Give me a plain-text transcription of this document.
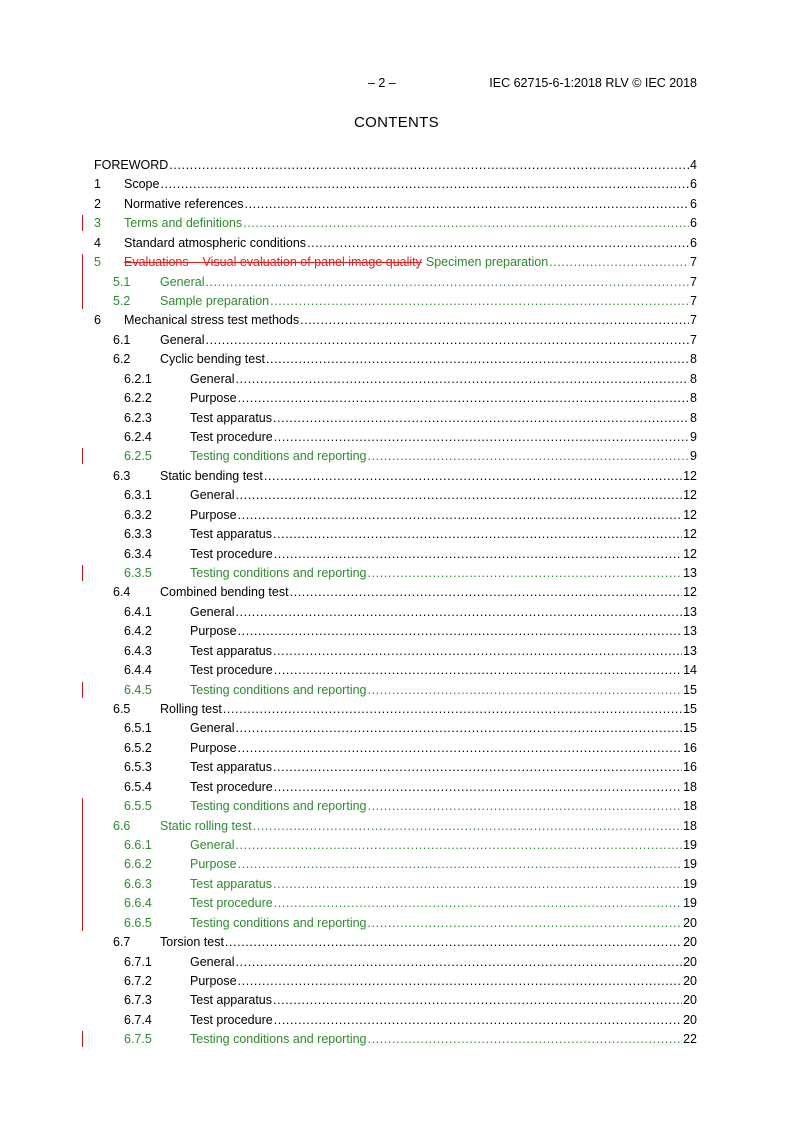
– 2 –	IEC 62715-6-1:2018 RLV © IEC 2018
CONTENTS
FOREWORD .....	4
1 Scope .....	6
2 Normative references .....	6
3 Terms and definitions .....	6
4 Standard atmospheric conditions .....	6
5 Evaluations – Visual evaluation of panel image quality Specimen preparation .....	7
5.1 General .....	7
5.2 Sample preparation .....	7
6 Mechanical stress test methods .....	7
6.1 General .....	7
6.2 Cyclic bending test .....	8
6.2.1	General .....	8
6.2.2	Purpose .....	8
6.2.3	Test apparatus .....	8
6.2.4	Test procedure .....	9
6.2.5	Testing conditions and reporting .....	9
6.3 Static bending test .....	12
6.3.1	General .....	12
6.3.2	Purpose .....	12
6.3.3	Test apparatus .....	12
6.3.4	Test procedure .....	12
6.3.5	Testing conditions and reporting .....	13
6.4 Combined bending test .....	12
6.4.1	General .....	13
6.4.2	Purpose .....	13
6.4.3	Test apparatus .....	13
6.4.4	Test procedure .....	14
6.4.5	Testing conditions and reporting .....	15
6.5 Rolling test .....	15
6.5.1	General .....	15
6.5.2	Purpose .....	16
6.5.3	Test apparatus .....	16
6.5.4	Test procedure .....	18
6.5.5	Testing conditions and reporting .....	18
6.6 Static rolling test .....	18
6.6.1	General .....	19
6.6.2	Purpose .....	19
6.6.3	Test apparatus .....	19
6.6.4	Test procedure .....	19
6.6.5	Testing conditions and reporting .....	20
6.7 Torsion test .....	20
6.7.1	General .....	20
6.7.2	Purpose .....	20
6.7.3	Test apparatus .....	20
6.7.4	Test procedure .....	20
6.7.5	Testing conditions and reporting .....	22
